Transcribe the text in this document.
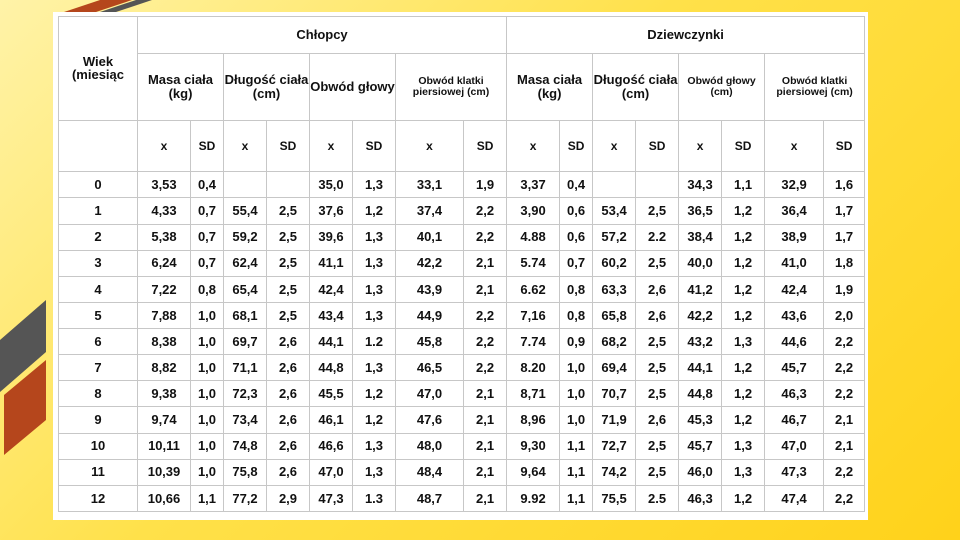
Wiek (miesiąc	Chłopcy								Dziewczynki							
	Masa ciała (kg)		Długość ciała (cm)		Obwód głowy		Obwód klatki piersiowej (cm)		Masa ciała (kg)		Długość ciała (cm)		Obwód głowy (cm)		Obwód klatki piersiowej (cm)	
	x	SD	x	SD	x	SD	x	SD	x	SD	x	SD	x	SD	x	SD
0	3,53	0,4			35,0	1,3	33,1	1,9	3,37	0,4			34,3	1,1	32,9	1,6
1	4,33	0,7	55,4	2,5	37,6	1,2	37,4	2,2	3,90	0,6	53,4	2,5	36,5	1,2	36,4	1,7
2	5,38	0,7	59,2	2,5	39,6	1,3	40,1	2,2	4.88	0,6	57,2	2.2	38,4	1,2	38,9	1,7
3	6,24	0,7	62,4	2,5	41,1	1,3	42,2	2,1	5.74	0,7	60,2	2,5	40,0	1,2	41,0	1,8
4	7,22	0,8	65,4	2,5	42,4	1,3	43,9	2,1	6.62	0,8	63,3	2,6	41,2	1,2	42,4	1,9
5	7,88	1,0	68,1	2,5	43,4	1,3	44,9	2,2	7,16	0,8	65,8	2,6	42,2	1,2	43,6	2,0
6	8,38	1,0	69,7	2,6	44,1	1.2	45,8	2,2	7.74	0,9	68,2	2,5	43,2	1,3	44,6	2,2
7	8,82	1,0	71,1	2,6	44,8	1,3	46,5	2,2	8.20	1,0	69,4	2,5	44,1	1,2	45,7	2,2
8	9,38	1,0	72,3	2,6	45,5	1,2	47,0	2,1	8,71	1,0	70,7	2,5	44,8	1,2	46,3	2,2
9	9,74	1,0	73,4	2,6	46,1	1,2	47,6	2,1	8,96	1,0	71,9	2,6	45,3	1,2	46,7	2,1
10	10,11	1,0	74,8	2,6	46,6	1,3	48,0	2,1	9,30	1,1	72,7	2,5	45,7	1,3	47,0	2,1
11	10,39	1,0	75,8	2,6	47,0	1,3	48,4	2,1	9,64	1,1	74,2	2,5	46,0	1,3	47,3	2,2
12	10,66	1,1	77,2	2,9	47,3	1.3	48,7	2,1	9.92	1,1	75,5	2.5	46,3	1,2	47,4	2,2
